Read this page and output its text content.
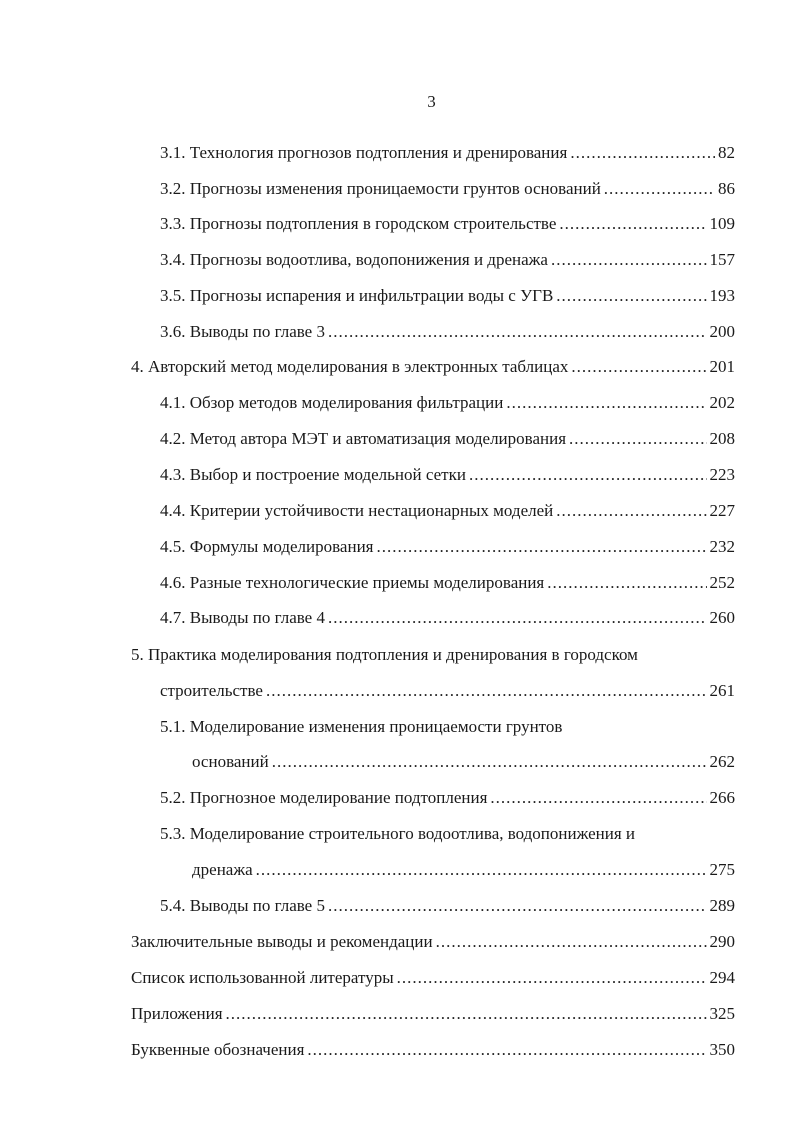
3
3.1. Технология прогнозов подтопления и дренирования .....	82
3.2. Прогнозы изменения проницаемости грунтов оснований .....	86
3.3. Прогнозы подтопления в городском строительстве .....	109
3.4. Прогнозы водоотлива, водопонижения и дренажа .....	157
3.5. Прогнозы испарения и инфильтрации воды с УГВ .....	193
3.6. Выводы по главе 3 .....	200
4. Авторский метод моделирования в электронных таблицах .....	201
4.1. Обзор методов моделирования фильтрации .....	202
4.2. Метод автора МЭТ и автоматизация моделирования .....	208
4.3. Выбор и построение модельной сетки .....	223
4.4. Критерии устойчивости нестационарных моделей .....	227
4.5. Формулы моделирования .....	232
4.6. Разные технологические приемы моделирования .....	252
4.7. Выводы по главе 4 .....	260
5. Практика моделирования подтопления и дренирования в городском
строительстве .....	261
5.1. Моделирование изменения проницаемости грунтов
оснований .....	262
5.2. Прогнозное моделирование подтопления .....	266
5.3. Моделирование строительного водоотлива, водопонижения и
дренажа .....	275
5.4. Выводы по главе 5 .....	289
Заключительные выводы и рекомендации .....	290
Список использованной литературы .....	294
Приложения .....	325
Буквенные обозначения .....	350
